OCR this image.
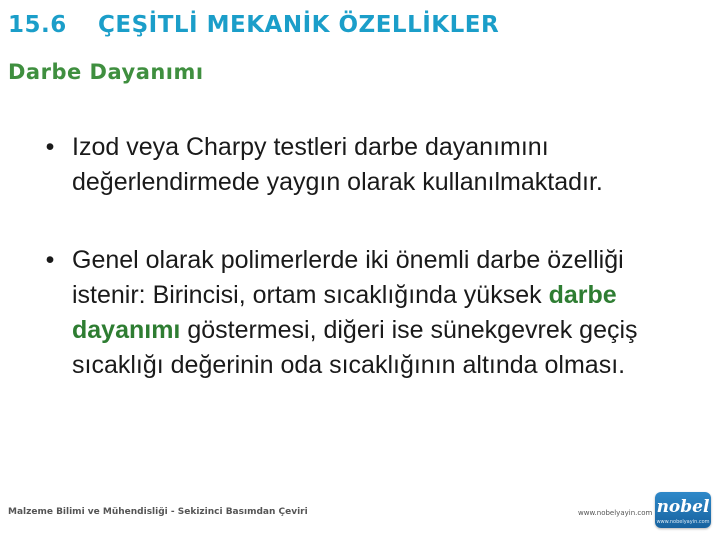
15.6 ÇEŞİTLİ MEKANİK ÖZELLİKLER
Darbe Dayanımı
• Izod veya Charpy testleri darbe dayanımını değerlendirmede yaygın olarak kullanılmaktadır.
• Genel olarak polimerlerde iki önemli darbe özelliği istenir: Birincisi, ortam sıcaklığında yüksek darbe dayanımı göstermesi, diğeri ise sünekgevrek geçiş sıcaklığı değerinin oda sıcaklığının altında olması.
Malzeme Bilimi ve Mühendisliği - Sekizinci Basımdan Çeviri	www.nobelyayin.com nobel
www.nobelyayin.com
